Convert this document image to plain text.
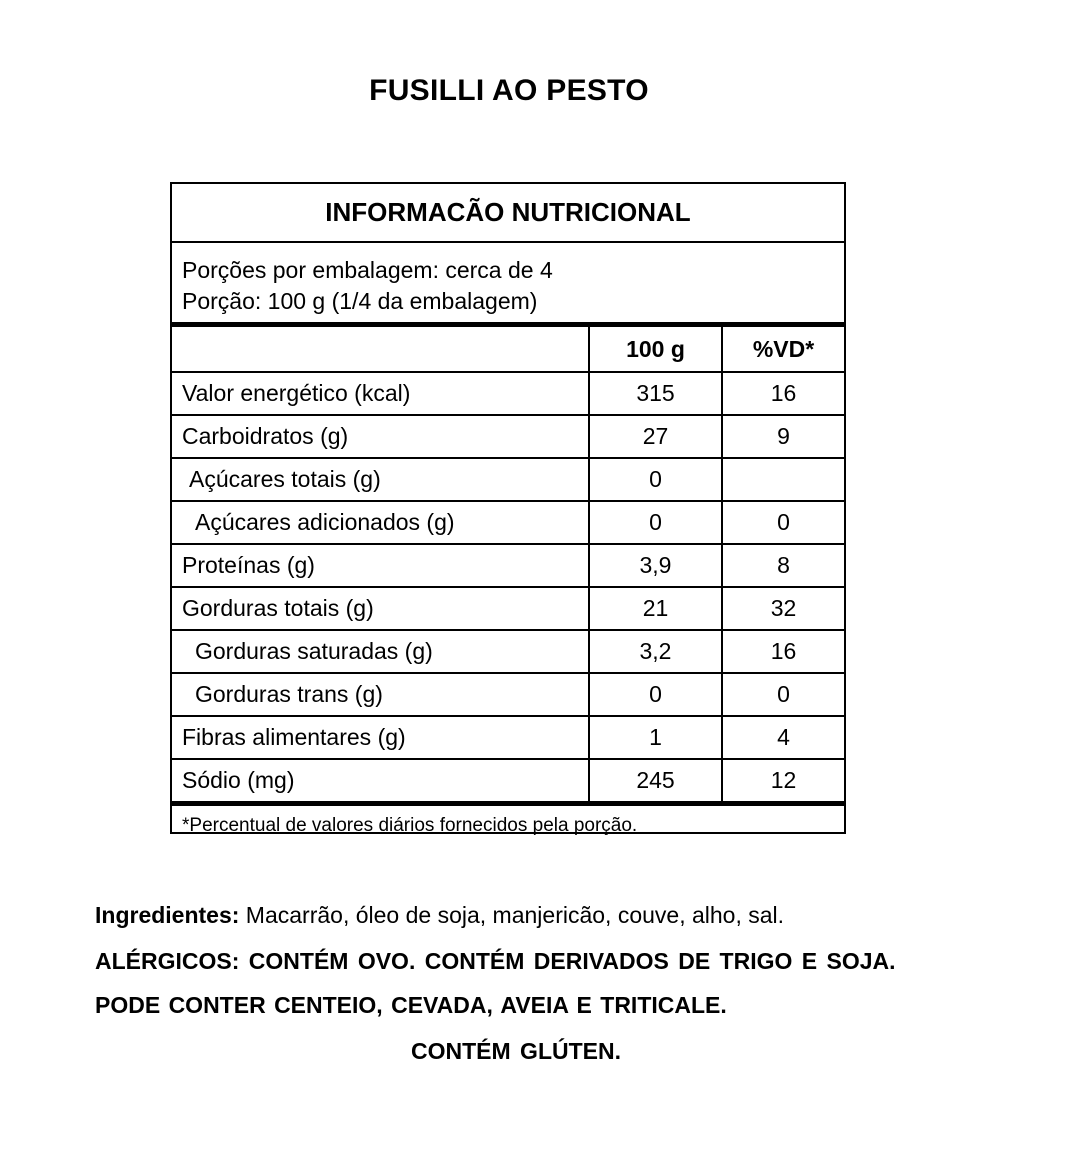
FUSILLI AO PESTO
INFORMACÃO NUTRICIONAL
Porções por embalagem: cerca de 4
Porção: 100 g (1/4 da embalagem)
	100 g	%VD*
Valor energético (kcal)	315	16
Carboidratos (g)	27	9
Açúcares totais (g)	0	
Açúcares adicionados (g)	0	0
Proteínas (g)	3,9	8
Gorduras totais (g)	21	32
Gorduras saturadas (g)	3,2	16
Gorduras trans (g)	0	0
Fibras alimentares (g)	1	4
Sódio (mg)	245	12
*Percentual de valores diários fornecidos pela porção.
Ingredientes: Macarrão, óleo de soja, manjericão, couve, alho, sal.
ALÉRGICOS: CONTÉM OVO. CONTÉM DERIVADOS DE TRIGO E SOJA.
PODE CONTER CENTEIO, CEVADA, AVEIA E TRITICALE.
CONTÉM GLÚTEN.
